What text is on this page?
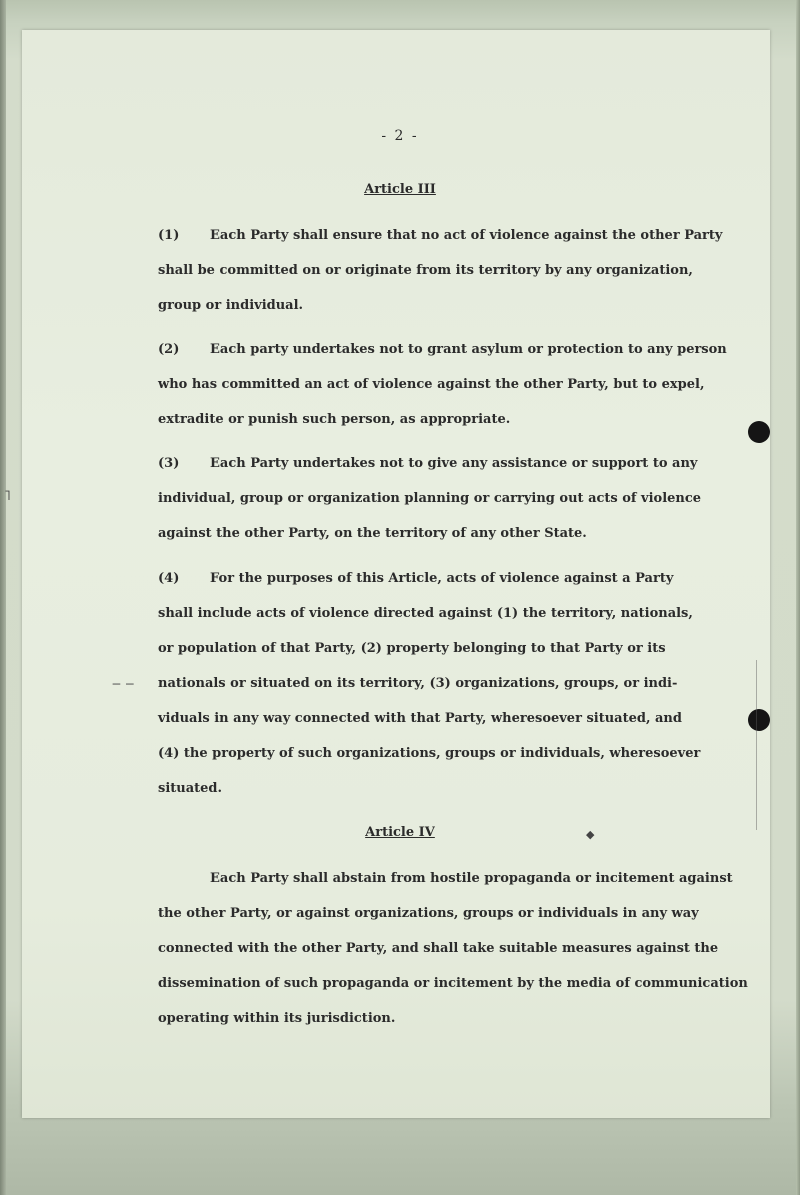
- 2 -
Article III
(1) Each Party shall ensure that no act of violence against the other Party
shall be committed on or originate from its territory by any organization,
group or individual.
(2) Each party undertakes not to grant asylum or protection to any person
who has committed an act of violence against the other Party, but to expel,
extradite or punish such person, as appropriate.
(3) Each Party undertakes not to give any assistance or support to any
individual, group or organization planning or carrying out acts of violence
against the other Party, on the territory of any other State.
(4) For the purposes of this Article, acts of violence against a Party
shall include acts of violence directed against (1) the territory, nationals,
or population of that Party, (2) property belonging to that Party or its
nationals or situated on its territory, (3) organizations, groups, or indi-
viduals in any way connected with that Party, wheresoever situated, and
(4) the property of such organizations, groups or individuals, wheresoever
situated.
Article IV
Each Party shall abstain from hostile propaganda or incitement against
the other Party, or against organizations, groups or individuals in any way
connected with the other Party, and shall take suitable measures against the
dissemination of such propaganda or incitement by the media of communication
operating within its jurisdiction.
˥
‒ ‒
◆
